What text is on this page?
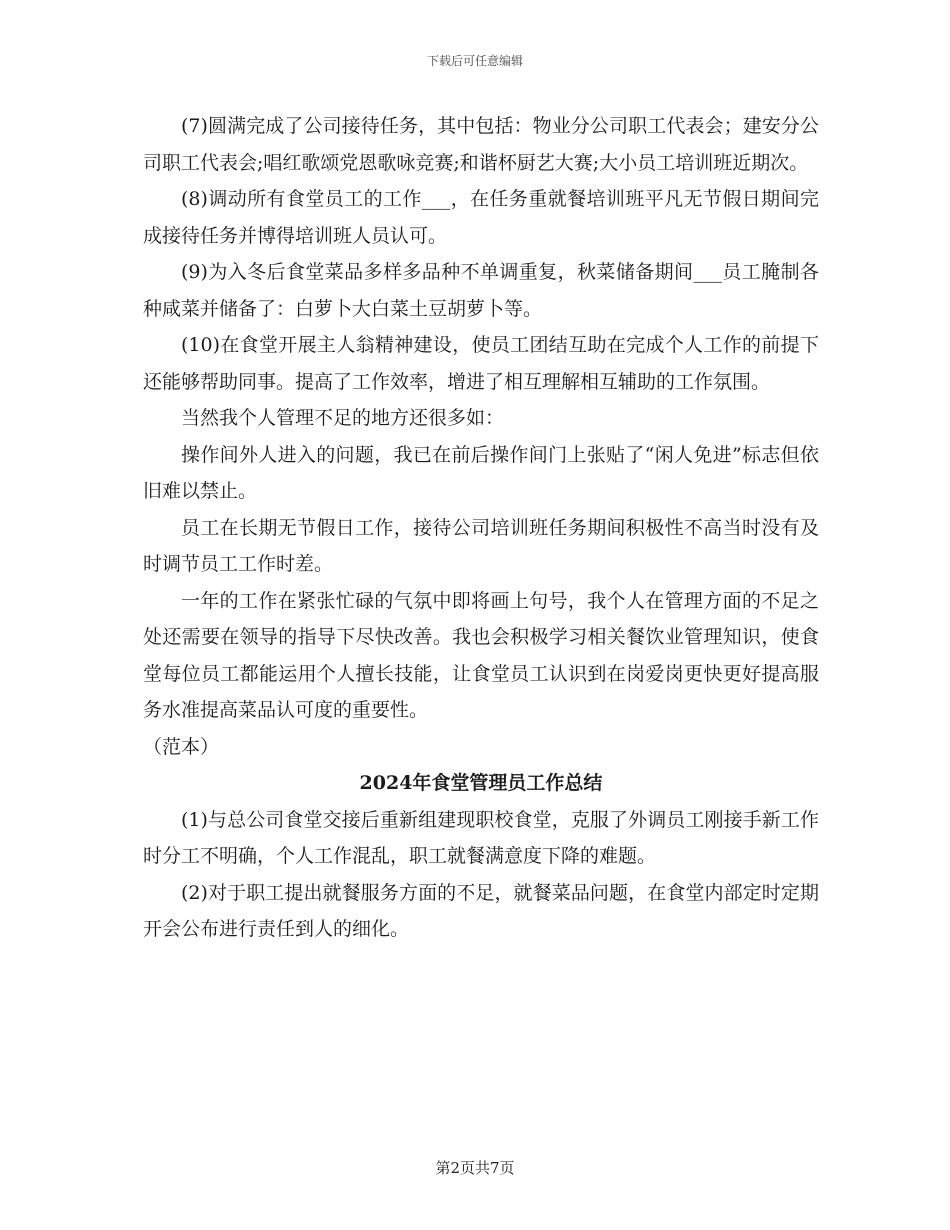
下载后可任意编辑

(7)圆满完成了公司接待任务，其中包括：物业分公司职工代表会；建安分公司职工代表会;唱红歌颂党恩歌咏竞赛;和谐杯厨艺大赛;大小员工培训班近期次。

(8)调动所有食堂员工的工作___，在任务重就餐培训班平凡无节假日期间完成接待任务并博得培训班人员认可。

(9)为入冬后食堂菜品多样多品种不单调重复，秋菜储备期间___员工腌制各种咸菜并储备了：白萝卜大白菜土豆胡萝卜等。

(10)在食堂开展主人翁精神建设，使员工团结互助在完成个人工作的前提下还能够帮助同事。提高了工作效率，增进了相互理解相互辅助的工作氛围。

当然我个人管理不足的地方还很多如：

操作间外人进入的问题，我已在前后操作间门上张贴了“闲人免进”标志但依旧难以禁止。

员工在长期无节假日工作，接待公司培训班任务期间积极性不高当时没有及时调节员工工作时差。

一年的工作在紧张忙碌的气氛中即将画上句号，我个人在管理方面的不足之处还需要在领导的指导下尽快改善。我也会积极学习相关餐饮业管理知识，使食堂每位员工都能运用个人擅长技能，让食堂员工认识到在岗爱岗更快更好提高服务水准提高菜品认可度的重要性。

（范本）

2024年食堂管理员工作总结

(1)与总公司食堂交接后重新组建现职校食堂，克服了外调员工刚接手新工作时分工不明确，个人工作混乱，职工就餐满意度下降的难题。

(2)对于职工提出就餐服务方面的不足，就餐菜品问题，在食堂内部定时定期开会公布进行责任到人的细化。

第2页共7页
